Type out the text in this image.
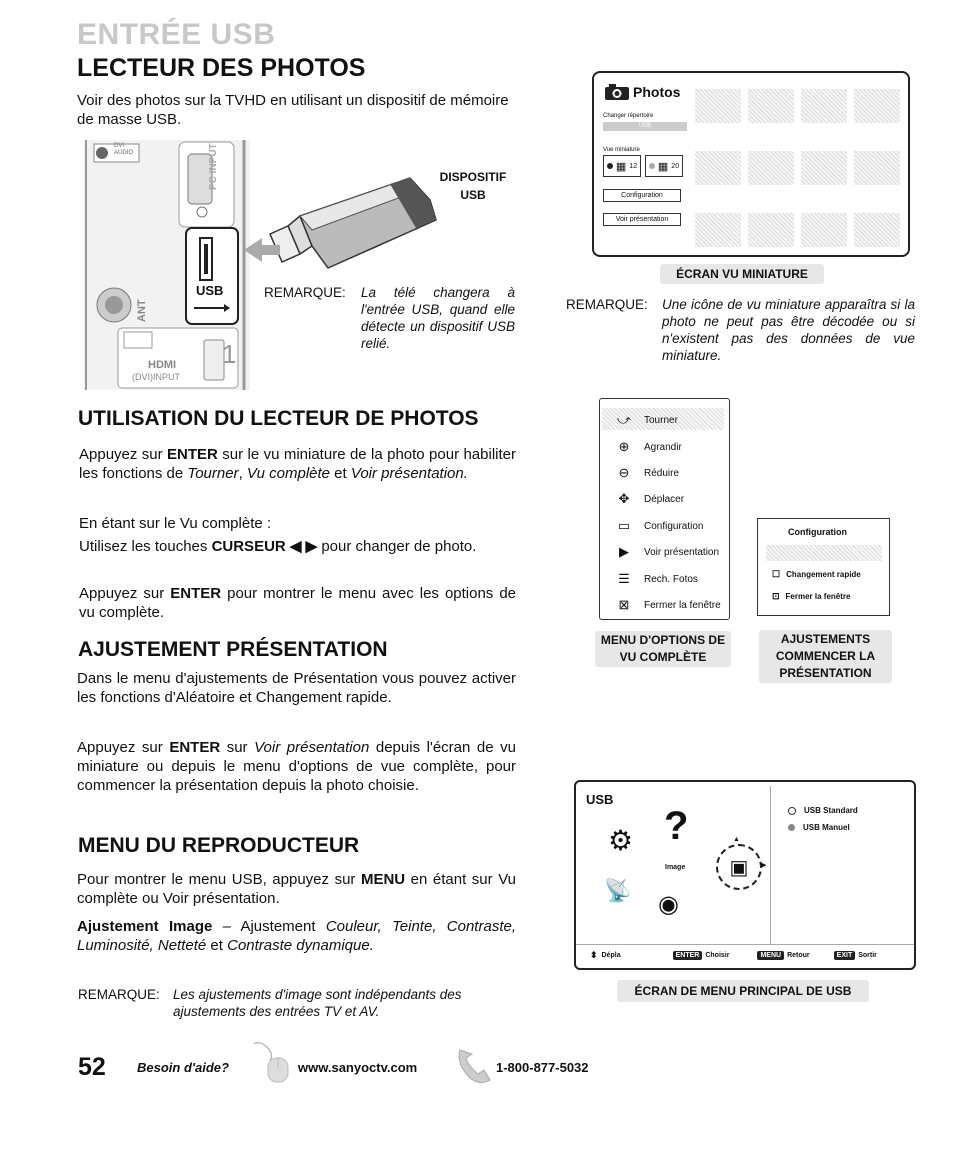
ENTRÉE USB
LECTEUR DES PHOTOS
Voir des photos sur la TVHD en utilisant un dispositif de mémoire de masse USB.
DVI
AUDIO	PC INPUT
USB
ANT
HDMI
(DVI)INPUT
1
DISPOSITIF USB
REMARQUE: La télé changera à l'entrée USB, quand elle détecte un dispositif USB relié.
Photos
Changer répertoire
USB
Vue miniature
▦ 12 ▦ 20
Configuration
Voir présentation
ÉCRAN VU MINIATURE
REMARQUE: Une icône de vu miniature apparaîtra si la photo ne peut pas être décodée ou si n'existent pas des données de vue miniature.
UTILISATION DU LECTEUR DE PHOTOS
Appuyez sur ENTER sur le vu miniature de la photo pour habiliter les fonctions de Tourner, Vu complète et Voir présentation.
En étant sur le Vu complète :
Utilisez les touches CURSEUR ◀ ▶ pour changer de photo.
Appuyez sur ENTER pour montrer le menu avec les options de vu complète.
⤻	Tourner
⊕	Agrandir
⊖	Réduire
✥	Déplacer
▭	Configuration
▶	Voir présentation
☰	Rech. Fotos
⊠	Fermer la fenêtre
MENU D'OPTIONS DE VU COMPLÈTE
Configuration
☐ Changement rapide
⊡ Fermer la fenêtre
AJUSTEMENTS COMMENCER LA PRÉSENTATION
AJUSTEMENT PRÉSENTATION
Dans le menu d'ajustements de Présentation vous pouvez activer les fonctions d'Aléatoire et Changement rapide.
Appuyez sur ENTER sur Voir présentation depuis l'écran de vu miniature ou depuis le menu d'options de vue complète, pour commencer la présentation depuis la photo choisie.
MENU DU REPRODUCTEUR
Pour montrer le menu USB, appuyez sur MENU en étant sur Vu complète ou Voir présentation.
Ajustement Image – Ajustement Couleur, Teinte, Contraste, Luminosité, Netteté et Contraste dynamique.
REMARQUE: Les ajustements d'image sont indépendants des ajustements des entrées TV et AV.
USB
⚙ ?
Image ▣
▲
▶
📡
◉
USB Standard
USB Manuel
⬍ Dépla	ENTER Choisir	MENU Retour	EXIT Sortir
ÉCRAN DE MENU PRINCIPAL DE USB
52 Besoin d'aide?	www.sanyoctv.com	1-800-877-5032
